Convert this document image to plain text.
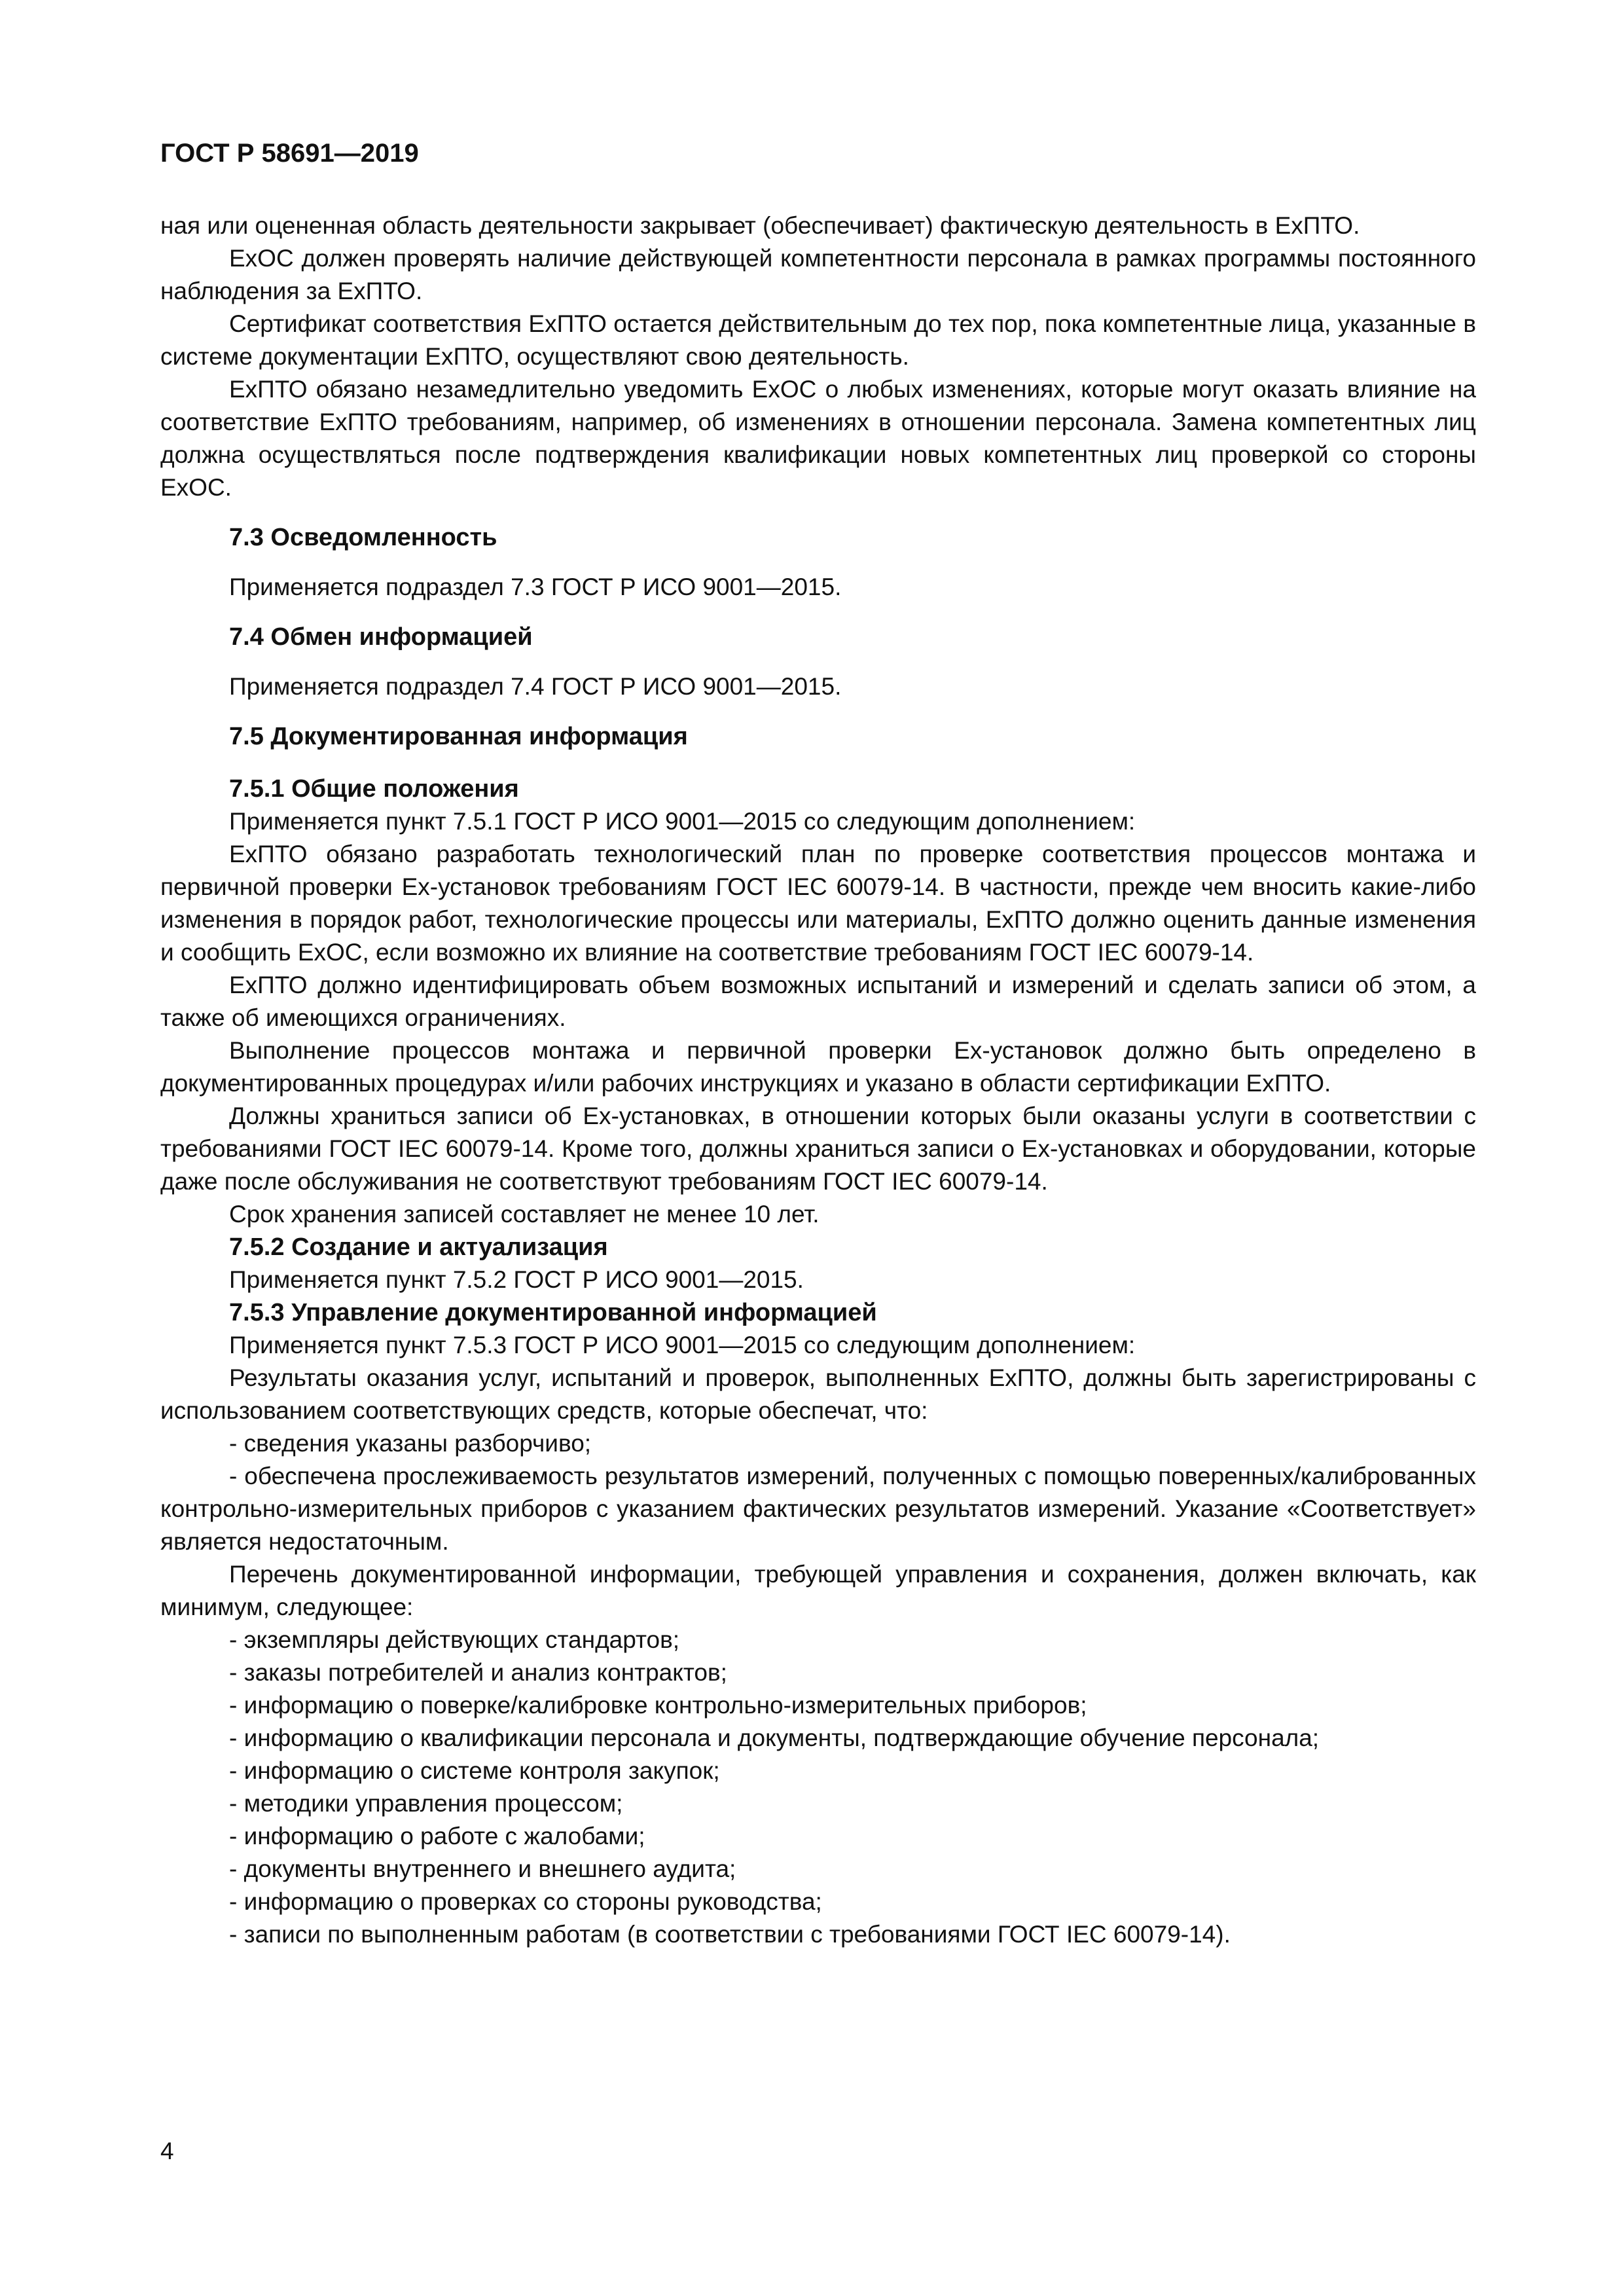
ГОСТ Р 58691—2019

ная или оцененная область деятельности закрывает (обеспечивает) фактическую деятельность в ExПТО.

ExOC должен проверять наличие действующей компетентности персонала в рамках программы постоянного наблюдения за ExПТО.

Сертификат соответствия ExПТО остается действительным до тех пор, пока компетентные лица, указанные в системе документации ExПТО, осуществляют свою деятельность.

ExПТО обязано незамедлительно уведомить ExOC о любых изменениях, которые могут оказать влияние на соответствие ExПТО требованиям, например, об изменениях в отношении персонала. Замена компетентных лиц должна осуществляться после подтверждения квалификации новых компетентных лиц проверкой со стороны ExOC.

7.3 Осведомленность

Применяется подраздел 7.3 ГОСТ Р ИСО 9001—2015.

7.4 Обмен информацией

Применяется подраздел 7.4 ГОСТ Р ИСО 9001—2015.

7.5 Документированная информация
7.5.1 Общие положения

Применяется пункт 7.5.1 ГОСТ Р ИСО 9001—2015 со следующим дополнением:

ExПТО обязано разработать технологический план по проверке соответствия процессов монтажа и первичной проверки Ex-установок требованиям ГОСТ IEC 60079-14. В частности, прежде чем вносить какие-либо изменения в порядок работ, технологические процессы или материалы, ExПТО должно оценить данные изменения и сообщить ExOC, если возможно их влияние на соответствие требованиям ГОСТ IEC 60079-14.

ExПТО должно идентифицировать объем возможных испытаний и измерений и сделать записи об этом, а также об имеющихся ограничениях.

Выполнение процессов монтажа и первичной проверки Ex-установок должно быть определено в документированных процедурах и/или рабочих инструкциях и указано в области сертификации ExПТО.

Должны храниться записи об Ex-установках, в отношении которых были оказаны услуги в соответствии с требованиями ГОСТ IEC 60079-14. Кроме того, должны храниться записи о Ex-установках и оборудовании, которые даже после обслуживания не соответствуют требованиям ГОСТ IEC 60079-14.

Срок хранения записей составляет не менее 10 лет.

7.5.2 Создание и актуализация

Применяется пункт 7.5.2 ГОСТ Р ИСО 9001—2015.

7.5.3 Управление документированной информацией

Применяется пункт 7.5.3 ГОСТ Р ИСО 9001—2015 со следующим дополнением:

Результаты оказания услуг, испытаний и проверок, выполненных ExПТО, должны быть зарегистрированы с использованием соответствующих средств, которые обеспечат, что:

- сведения указаны разборчиво;

- обеспечена прослеживаемость результатов измерений, полученных с помощью поверенных/калиброванных контрольно-измерительных приборов с указанием фактических результатов измерений. Указание «Соответствует» является недостаточным.

Перечень документированной информации, требующей управления и сохранения, должен включать, как минимум, следующее:

- экземпляры действующих стандартов;

- заказы потребителей и анализ контрактов;

- информацию о поверке/калибровке контрольно-измерительных приборов;

- информацию о квалификации персонала и документы, подтверждающие обучение персонала;

- информацию о системе контроля закупок;

- методики управления процессом;

- информацию о работе с жалобами;

- документы внутреннего и внешнего аудита;

- информацию о проверках со стороны руководства;

- записи по выполненным работам (в соответствии с требованиями ГОСТ IEC 60079-14).

4
